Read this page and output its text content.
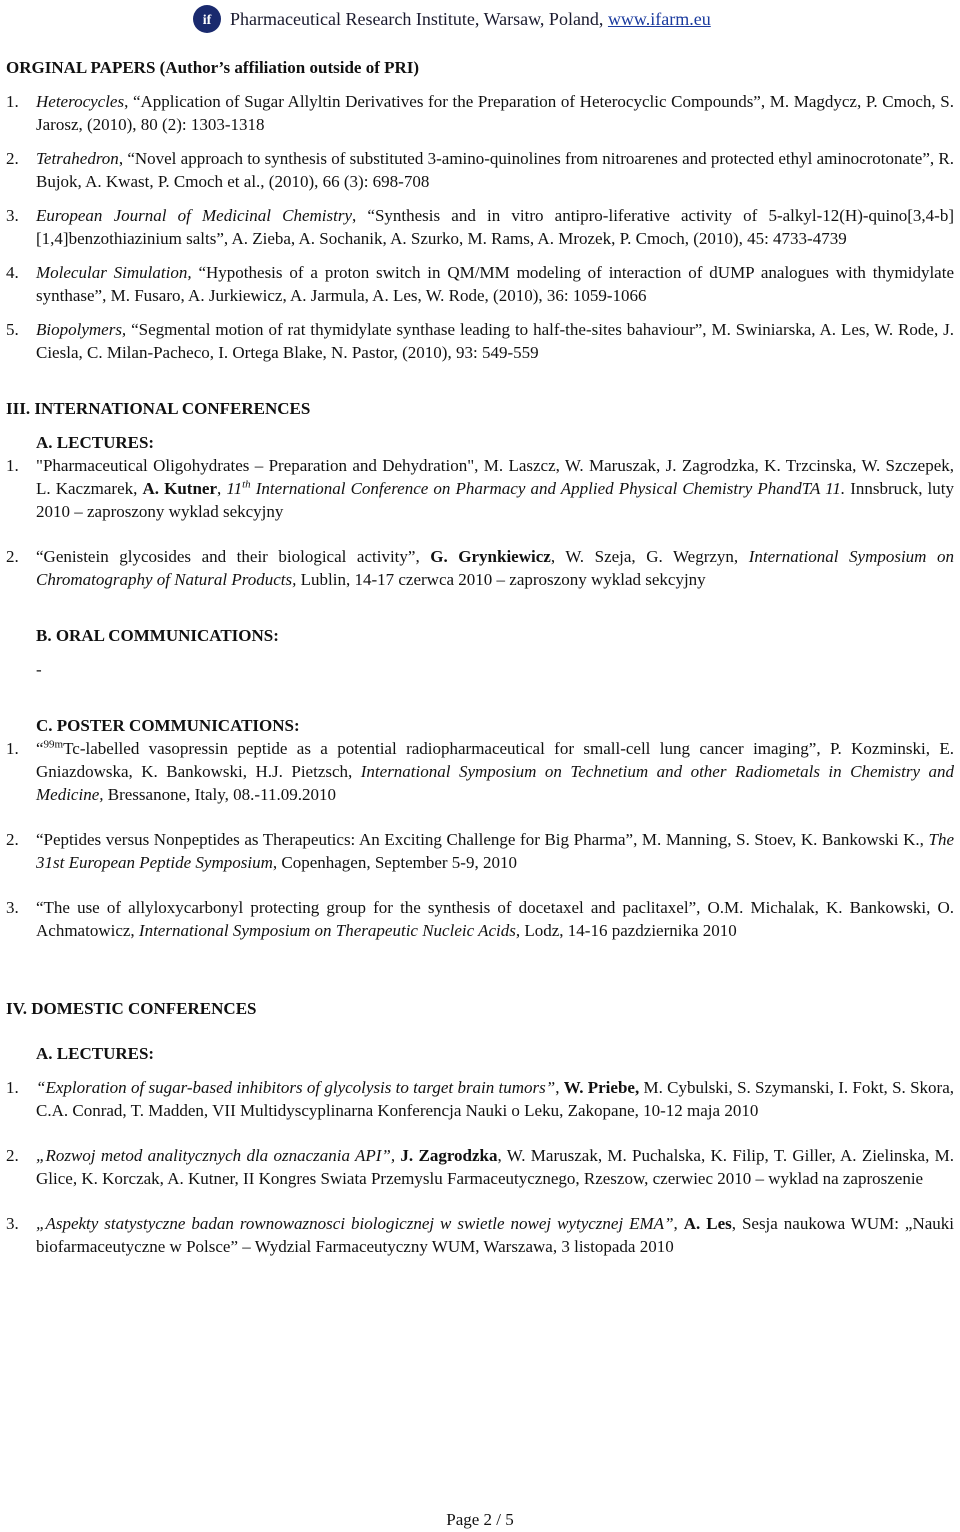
if Pharmaceutical Research Institute, Warsaw, Poland, www.ifarm.eu

ORGINAL PAPERS (Author’s affiliation outside of PRI)

1.	Heterocycles, “Application of Sugar Allyltin Derivatives for the Preparation of Heterocyclic Compounds”, M. Magdycz, P. Cmoch, S. Jarosz, (2010), 80 (2): 1303-1318
2.	Tetrahedron, “Novel approach to synthesis of substituted 3-amino-quinolines from nitroarenes and protected ethyl aminocrotonate”, R. Bujok, A. Kwast, P. Cmoch et al., (2010), 66 (3): 698-708
3.	European Journal of Medicinal Chemistry, “Synthesis and in vitro antipro-liferative activity of 5-alkyl-12(H)-quino[3,4-b] [1,4]benzothiazinium salts”, A. Zieba, A. Sochanik, A. Szurko, M. Rams, A. Mrozek, P. Cmoch, (2010), 45: 4733-4739
4.	Molecular Simulation, “Hypothesis of a proton switch in QM/MM modeling of interaction of dUMP analogues with thymidylate synthase”, M. Fusaro, A. Jurkiewicz, A. Jarmula, A. Les, W. Rode, (2010), 36: 1059-1066
5.	Biopolymers, “Segmental motion of rat thymidylate synthase leading to half-the-sites bahaviour”, M. Swiniarska, A. Les, W. Rode, J. Ciesla, C. Milan-Pacheco, I. Ortega Blake, N. Pastor, (2010), 93: 549-559

III. INTERNATIONAL CONFERENCES

A. LECTURES:

1.	"Pharmaceutical Oligohydrates – Preparation and Dehydration", M. Laszcz, W. Maruszak, J. Zagrodzka, K. Trzcinska, W. Szczepek, L. Kaczmarek, A. Kutner, 11th International Conference on Pharmacy and Applied Physical Chemistry PhandTA 11. Innsbruck, luty 2010 – zaproszony wyklad sekcyjny
2.	“Genistein glycosides and their biological activity”, G. Grynkiewicz, W. Szeja, G. Wegrzyn, International Symposium on Chromatography of Natural Products, Lublin, 14-17 czerwca 2010 – zaproszony wyklad sekcyjny

B. ORAL COMMUNICATIONS:

-

C. POSTER COMMUNICATIONS:

1.	“$^{99m}$Tc-labelled vasopressin peptide as a potential radiopharmaceutical for small-cell lung cancer imaging”, P. Kozminski, E. Gniazdowska, K. Bankowski, H.J. Pietzsch, International Symposium on Technetium and other Radiometals in Chemistry and Medicine, Bressanone, Italy, 08.-11.09.2010
2.	“Peptides versus Nonpeptides as Therapeutics: An Exciting Challenge for Big Pharma”, M. Manning, S. Stoev, K. Bankowski K., The 31st European Peptide Symposium, Copenhagen, September 5-9, 2010
3.	“The use of allyloxycarbonyl protecting group for the synthesis of docetaxel and paclitaxel”, O.M. Michalak, K. Bankowski, O. Achmatowicz, International Symposium on Therapeutic Nucleic Acids, Lodz, 14-16 pazdziernika 2010

IV. DOMESTIC CONFERENCES

A. LECTURES:

1.	“Exploration of sugar-based inhibitors of glycolysis to target brain tumors”, W. Priebe, M. Cybulski, S. Szymanski, I. Fokt, S. Skora, C.A. Conrad, T. Madden, VII Multidyscyplinarna Konferencja Nauki o Leku, Zakopane, 10-12 maja 2010
2.	„Rozwoj metod analitycznych dla oznaczania API”, J. Zagrodzka, W. Maruszak, M. Puchalska, K. Filip, T. Giller, A. Zielinska, M. Glice, K. Korczak, A. Kutner, II Kongres Swiata Przemyslu Farmaceutycznego, Rzeszow, czerwiec 2010 – wyklad na zaproszenie
3.	„Aspekty statystyczne badan rownowaznosci biologicznej w swietle nowej wytycznej EMA”, A. Les, Sesja naukowa WUM: „Nauki biofarmaceutyczne w Polsce” – Wydzial Farmaceutyczny WUM, Warszawa, 3 listopada 2010
Page 2 / 5
